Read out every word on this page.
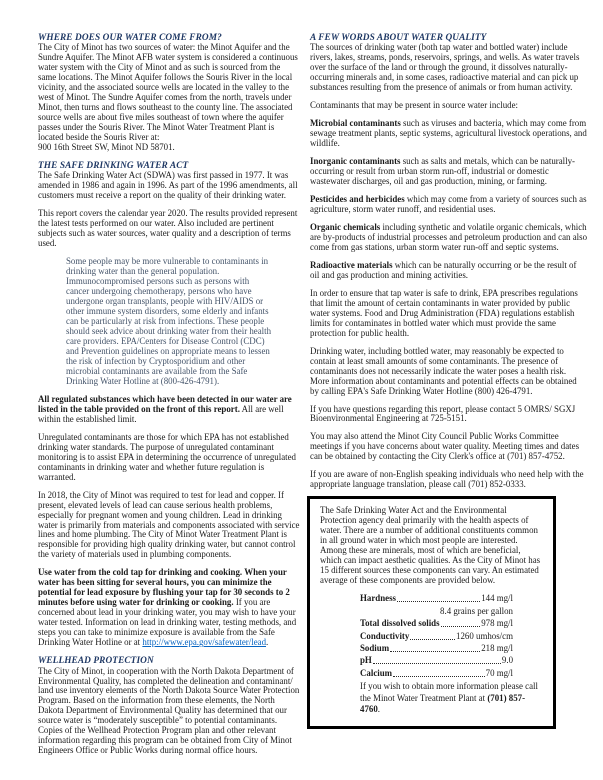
WHERE DOES OUR WATER COME FROM?

The City of Minot has two sources of water: the Minot Aquifer and the Sundre Aquifer. The Minot AFB water system is considered a continuous water system with the City of Minot and as such is sourced from the same locations. The Minot Aquifer follows the Souris River in the local vicinity, and the associated source wells are located in the valley to the west of Minot. The Sundre Aquifer comes from the north, travels under Minot, then turns and flows southeast to the county line. The associated source wells are about five miles southeast of town where the aquifer passes under the Souris River. The Minot Water Treatment Plant is located beside the Souris River at:

900 16th Street SW, Minot ND 58701.
THE SAFE DRINKING WATER ACT

The Safe Drinking Water Act (SDWA) was first passed in 1977. It was amended in 1986 and again in 1996. As part of the 1996 amendments, all customers must receive a report on the quality of their drinking water.

This report covers the calendar year 2020. The results provided represent the latest tests performed on our water. Also included are pertinent subjects such as water sources, water quality and a description of terms used.

Some people may be more vulnerable to contaminants in drinking water than the general population. Immunocompromised persons such as persons with cancer undergoing chemotherapy, persons who have undergone organ transplants, people with HIV/AIDS or other immune system disorders, some elderly and infants can be particularly at risk from infections. These people should seek advice about drinking water from their health care providers. EPA/Centers for Disease Control (CDC) and Prevention guidelines on appropriate means to lessen the risk of infection by Cryptosporidium and other microbial contaminants are available from the Safe Drinking Water Hotline at (800-426-4791).

All regulated substances which have been detected in our water are listed in the table provided on the front of this report. All are well within the established limit.

Unregulated contaminants are those for which EPA has not established drinking water standards. The purpose of unregulated contaminant monitoring is to assist EPA in determining the occurrence of unregulated contaminants in drinking water and whether future regulation is warranted.

In 2018, the City of Minot was required to test for lead and copper. If present, elevated levels of lead can cause serious health problems, especially for pregnant women and young children. Lead in drinking water is primarily from materials and components associated with service lines and home plumbing. The City of Minot Water Treatment Plant is responsible for providing high quality drinking water, but cannot control the variety of materials used in plumbing components.

Use water from the cold tap for drinking and cooking. When your water has been sitting for several hours, you can minimize the potential for lead exposure by flushing your tap for 30 seconds to 2 minutes before using water for drinking or cooking. If you are concerned about lead in your drinking water, you may wish to have your water tested. Information on lead in drinking water, testing methods, and steps you can take to minimize exposure is available from the Safe Drinking Water Hotline or at http://www.epa.gov/safewater/lead.

WELLHEAD PROTECTION

The City of Minot, in cooperation with the North Dakota Department of Environmental Quality, has completed the delineation and contaminant/ land use inventory elements of the North Dakota Source Water Protection Program. Based on the information from these elements, the North Dakota Department of Environmental Quality has determined that our source water is “moderately susceptible” to potential contaminants. Copies of the Wellhead Protection Program plan and other relevant information regarding this program can be obtained from City of Minot Engineers Office or Public Works during normal office hours.

A FEW WORDS ABOUT WATER QUALITY

The sources of drinking water (both tap water and bottled water) include rivers, lakes, streams, ponds, reservoirs, springs, and wells. As water travels over the surface of the land or through the ground, it dissolves naturally-occurring minerals and, in some cases, radioactive material and can pick up substances resulting from the presence of animals or from human activity.

Contaminants that may be present in source water include:

Microbial contaminants such as viruses and bacteria, which may come from sewage treatment plants, septic systems, agricultural livestock operations, and wildlife.

Inorganic contaminants such as salts and metals, which can be naturally-occurring or result from urban storm run-off, industrial or domestic wastewater discharges, oil and gas production, mining, or farming.

Pesticides and herbicides which may come from a variety of sources such as agriculture, storm water runoff, and residential uses.

Organic chemicals including synthetic and volatile organic chemicals, which are by-products of industrial processes and petroleum production and can also come from gas stations, urban storm water run-off and septic systems.

Radioactive materials which can be naturally occurring or be the result of oil and gas production and mining activities.

In order to ensure that tap water is safe to drink, EPA prescribes regulations that limit the amount of certain contaminants in water provided by public water systems. Food and Drug Administration (FDA) regulations establish limits for contaminates in bottled water which must provide the same protection for public health.

Drinking water, including bottled water, may reasonably be expected to contain at least small amounts of some contaminants. The presence of contaminants does not necessarily indicate the water poses a health risk. More information about contaminants and potential effects can be obtained by calling EPA's Safe Drinking Water Hotline (800) 426-4791.

If you have questions regarding this report, please contact 5 OMRS/ SGXJ Bioenvironmental Engineering at 725-5151.

You may also attend the Minot City Council Public Works Committee meetings if you have concerns about water quality. Meeting times and dates can be obtained by contacting the City Clerk's office at (701) 857-4752.

If you are aware of non-English speaking individuals who need help with the appropriate language translation, please call (701) 852-0333.

The Safe Drinking Water Act and the Environmental Protection agency deal primarily with the health aspects of water. There are a number of additional constituents common in all ground water in which most people are interested. Among these are minerals, most of which are beneficial, which can impact aesthetic qualities. As the City of Minot has 15 different sources these components can vary. An estimated average of these components are provided below.

Hardness	144 mg/l
8.4 grains per gallon
Total dissolved solids	978 mg/l
Conductivity	1260 umhos/cm
Sodium	218 mg/l
pH	9.0
Calcium	70 mg/l
If you wish to obtain more information please call
the Minot Water Treatment Plant at (701) 857-4760.
